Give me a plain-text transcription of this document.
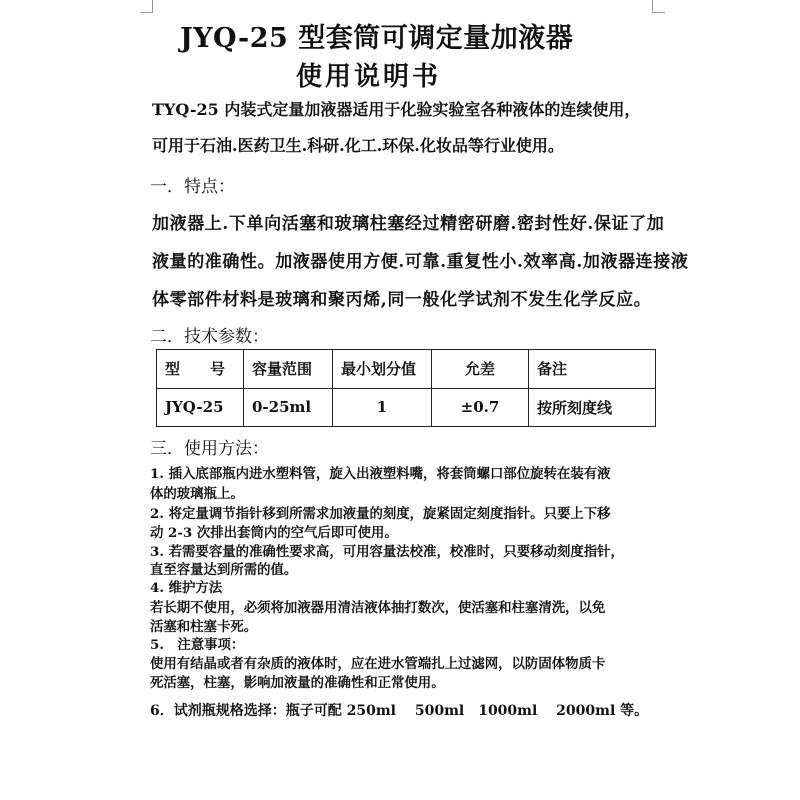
JYQ-25 型套筒可调定量加液器
使用说明书
TYQ-25 内装式定量加液器适用于化验实验室各种液体的连续使用，
可用于石油.医药卫生.科研.化工.环保.化妆品等行业使用。
一．特点：
加液器上.下单向活塞和玻璃柱塞经过精密研磨.密封性好.保证了加
液量的准确性。加液器使用方便.可靠.重复性小.效率高.加液器连接液
体零部件材料是玻璃和聚丙烯,同一般化学试剂不发生化学反应。
二．技术参数：
型　　号	容量范围	最小划分值	允差	备注
JYQ-25	0-25ml	1	±0.7	按所刻度线
三．使用方法：
1. 插入底部瓶内进水塑料管，旋入出液塑料嘴，将套筒螺口部位旋转在装有液
体的玻璃瓶上。
2. 将定量调节指针移到所需求加液量的刻度，旋紧固定刻度指针。只要上下移
动 2-3 次排出套筒内的空气后即可使用。
3. 若需要容量的准确性要求高，可用容量法校准，校准时，只要移动刻度指针，
直至容量达到所需的值。
4. 维护方法
若长期不使用，必须将加液器用清洁液体抽打数次，使活塞和柱塞清洗，以免
活塞和柱塞卡死。
5.　注意事项：
使用有结晶或者有杂质的液体时，应在进水管端扎上过滤网，以防固体物质卡
死活塞，柱塞，影响加液量的准确性和正常使用。
6．试剂瓶规格选择：瓶子可配 250ml　 500ml　1000ml　 2000ml 等。
